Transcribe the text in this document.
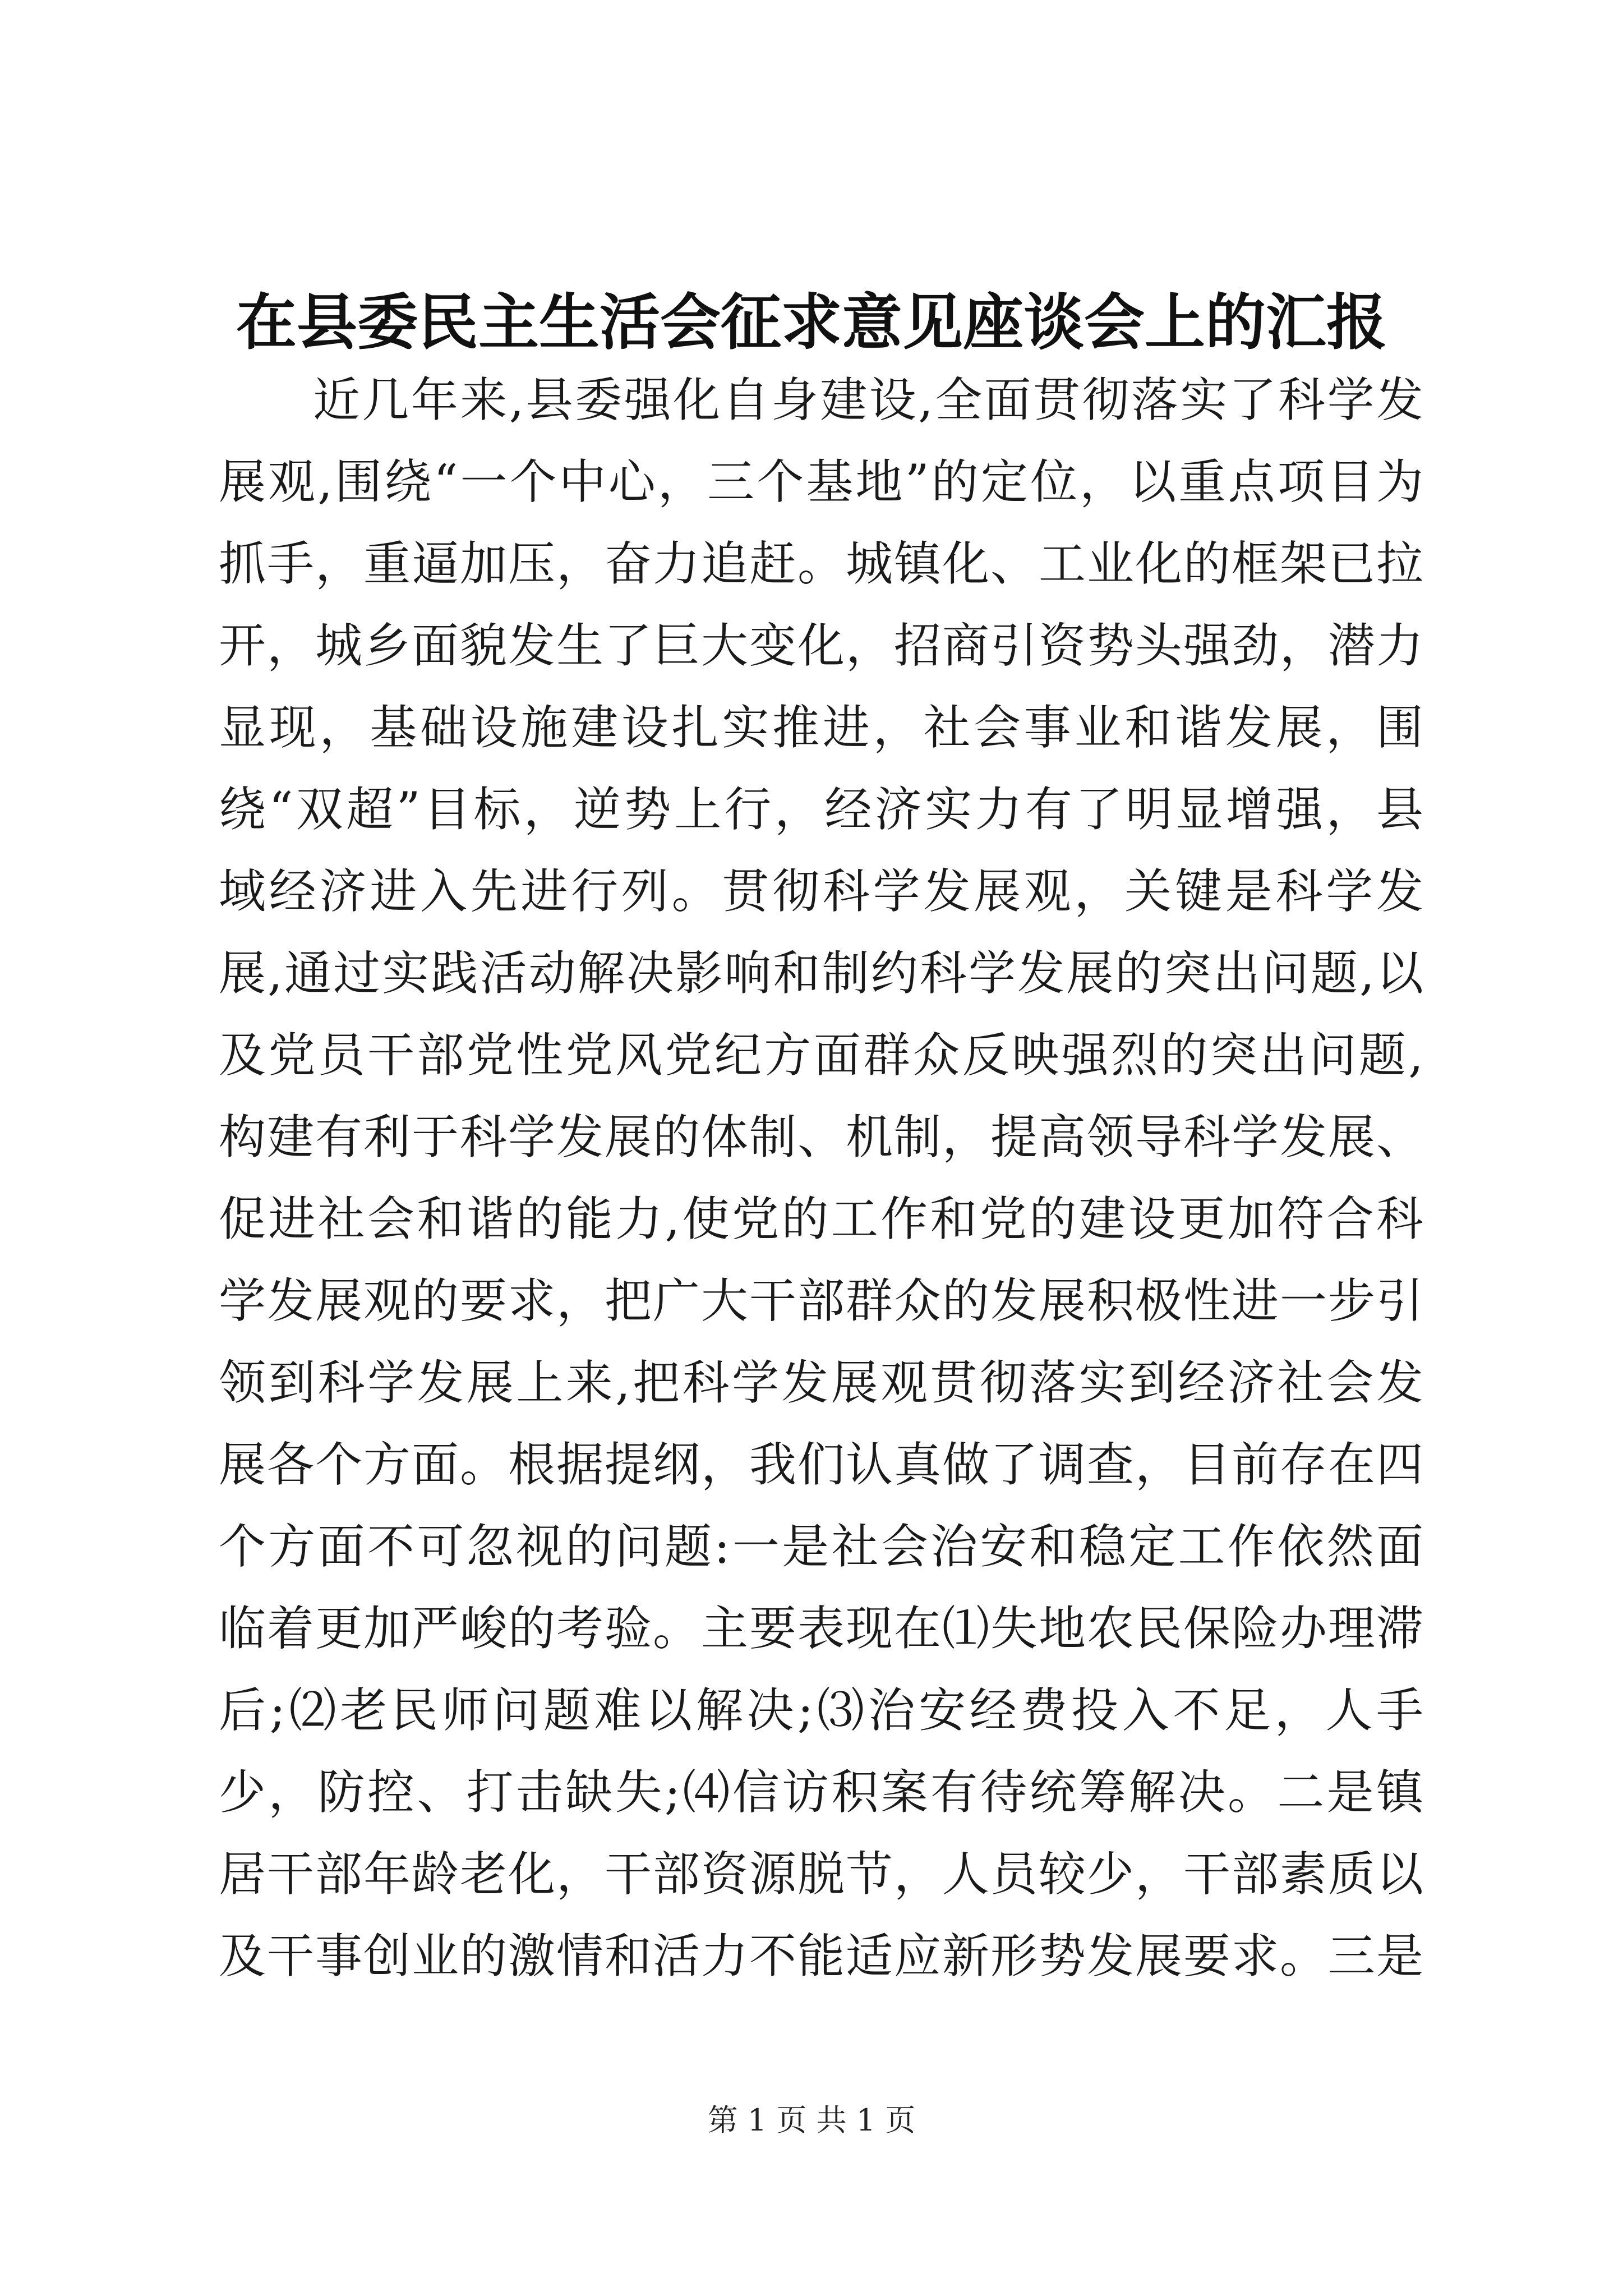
在县委民主生活会征求意见座谈会上的汇报

近几年来,县委强化自身建设,全面贯彻落实了科学发展观,围绕“一个中心，三个基地”的定位，以重点项目为抓手，重逼加压，奋力追赶。城镇化、工业化的框架已拉开，城乡面貌发生了巨大变化，招商引资势头强劲，潜力显现，基础设施建设扎实推进，社会事业和谐发展，围绕“双超”目标，逆势上行，经济实力有了明显增强，县域经济进入先进行列。贯彻科学发展观，关键是科学发展,通过实践活动解决影响和制约科学发展的突出问题,以及党员干部党性党风党纪方面群众反映强烈的突出问题,构建有利于科学发展的体制、机制，提高领导科学发展、促进社会和谐的能力,使党的工作和党的建设更加符合科学发展观的要求，把广大干部群众的发展积极性进一步引领到科学发展上来,把科学发展观贯彻落实到经济社会发展各个方面。根据提纲，我们认真做了调查，目前存在四个方面不可忽视的问题:一是社会治安和稳定工作依然面临着更加严峻的考验。主要表现在⑴失地农民保险办理滞后;⑵老民师问题难以解决;⑶治安经费投入不足，人手少，防控、打击缺失;⑷信访积案有待统筹解决。二是镇居干部年龄老化，干部资源脱节，人员较少，干部素质以及干事创业的激情和活力不能适应新形势发展要求。三是

第 1 页 共 1 页
